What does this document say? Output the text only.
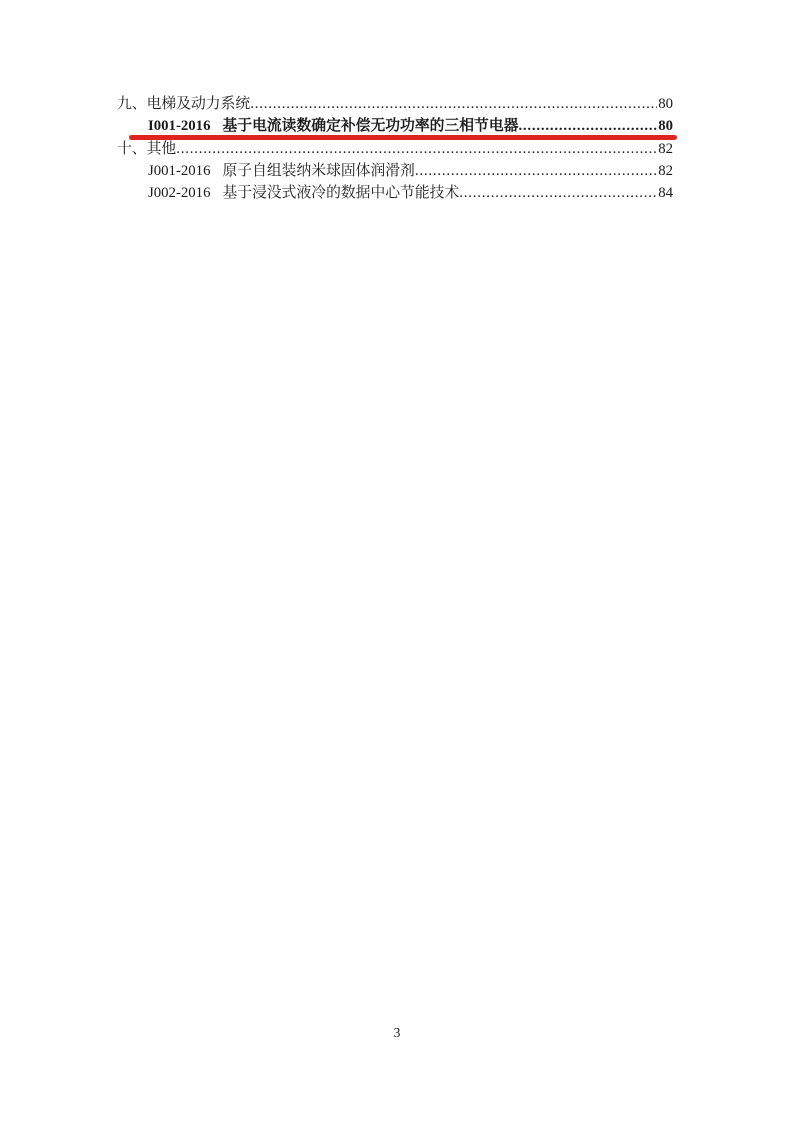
九、 电梯及动力系统 .....	80
I001-2016 基于电流读数确定补偿无功功率的三相节电器 .....	80
十、 其他 .....	82
J001-2016 原子自组装纳米球固体润滑剂 .....	82
J002-2016 基于浸没式液冷的数据中心节能技术 .....	84
3
